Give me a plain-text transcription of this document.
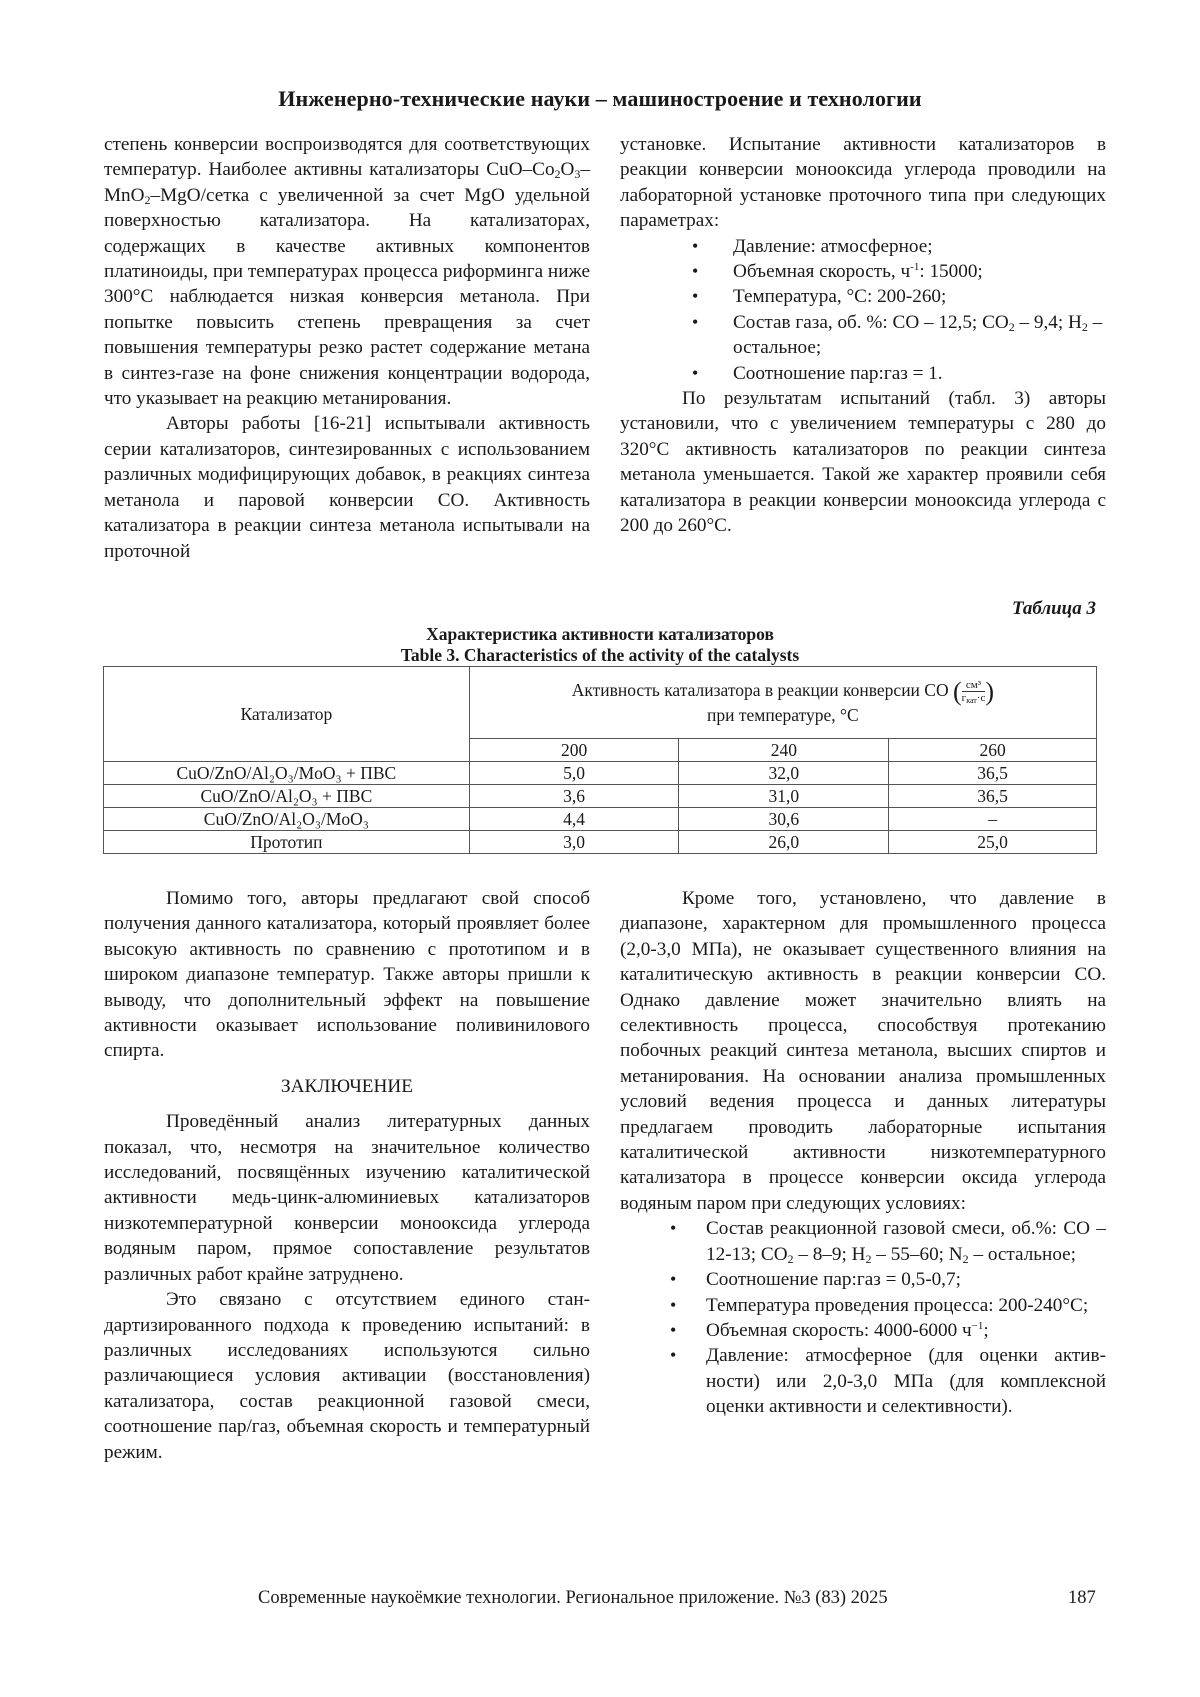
Инженерно-технические науки – машиностроение и технологии

степень конверсии воспроизводятся для соответствующих температур. Наиболее активны катализаторы CuO–$Co_2O_3-MnO_2-MgO$/сетка с увеличенной за счет MgO удельной поверхностью катализатора. На катализаторах, содержащих в качестве активных компонентов платиноиды, при температурах процесса риформинга ниже 300°C наблюдается низкая конверсия метанола. При попытке повысить степень превращения за счет повышения температуры резко растет содержание метана в синтез-газе на фоне снижения концентрации водорода, что указывает на реакцию метанирования.

Авторы работы [16-21] испытывали активность серии катализаторов, синтезированных с использованием различных модифицирующих добавок, в реакциях синтеза метанола и паровой конверсии CO. Активность катализатора в реакции синтеза метанола испытывали на проточной

установке. Испытание активности катализаторов в реакции конверсии монооксида углерода проводили на лабораторной установке проточного типа при следующих параметрах:

• Давление: атмосферное;
• Объемная скорость, $ч^{-1}$: 15000;
• Температура, °C: 200-260;
• Состав газа, об. %: CO – 12,5; $CO_2 - 9,4$; $H_2$ – остальное;
• Соотношение пар:газ = 1.

По результатам испытаний (табл. 3) авторы установили, что с увеличением температуры с 280 до 320°C активность катализаторов по реакции синтеза метанола уменьшается. Такой же характер проявили себя катализатора в реакции конверсии монооксида углерода с 200 до 260°C.

Таблица 3
Характеристика активности катализаторов
Table 3. Characteristics of the activity of the catalysts
Катализатор	Активность катализатора в реакции конверсии CO ( $\frac{\text{см³}}{г_{кат}\cdot с}$ )
при температуре, °C		
	200	240	260
CuO/ZnO/Al₂O₃/MoO₃ + ПВС	5,0	32,0	36,5
CuO/ZnO/Al₂O₃ + ПВС	3,6	31,0	36,5
CuO/ZnO/Al₂O₃/MoO₃	4,4	30,6	–
Прототип	3,0	26,0	25,0

Помимо того, авторы предлагают свой способ получения данного катализатора, который проявляет более высокую активность по сравнению с прототипом и в широком диапазоне температур. Также авторы пришли к выводу, что дополнительный эффект на повышение активности оказывает использование поливинилового спирта.

ЗАКЛЮЧЕНИЕ

Проведённый анализ литературных данных показал, что, несмотря на значительное количество исследований, посвящённых изучению каталитической активности медь-цинк-алюминиевых катализаторов низкотемпературной конверсии монооксида углерода водяным паром, прямое сопоставление результатов различных работ крайне затруднено.

Это связано с отсутствием единого стандартизированного подхода к проведению испытаний: в различных исследованиях используются сильно различающиеся условия активации (восстановления) катализатора, состав реакционной газовой смеси, соотношение пар/газ, объемная скорость и температурный режим.

Кроме того, установлено, что давление в диапазоне, характерном для промышленного процесса (2,0-3,0 МПа), не оказывает существенного влияния на каталитическую активность в реакции конверсии CO. Однако давление может значительно влиять на селективность процесса, способствуя протеканию побочных реакций синтеза метанола, высших спиртов и метанирования. На основании анализа промышленных условий ведения процесса и данных литературы предлагаем проводить лабораторные испытания каталитической активности низкотемпературного катализатора в процессе конверсии оксида углерода водяным паром при следующих условиях:

• Состав реакционной газовой смеси, об.%: CO – 12-13; $CO_2 - 8-9$; $H_2 - 55-60$; $N_2$ – остальное;
• Соотношение пар:газ = 0,5-0,7;
• Температура проведения процесса: 200-240°C;
• Объемная скорость: 4000-6000 $ч^{-1}$;
• Давление: атмосферное (для оценки активности) или 2,0-3,0 МПа (для комплексной оценки активности и селективности).
Современные наукоёмкие технологии. Региональное приложение. №3 (83) 2025	187
